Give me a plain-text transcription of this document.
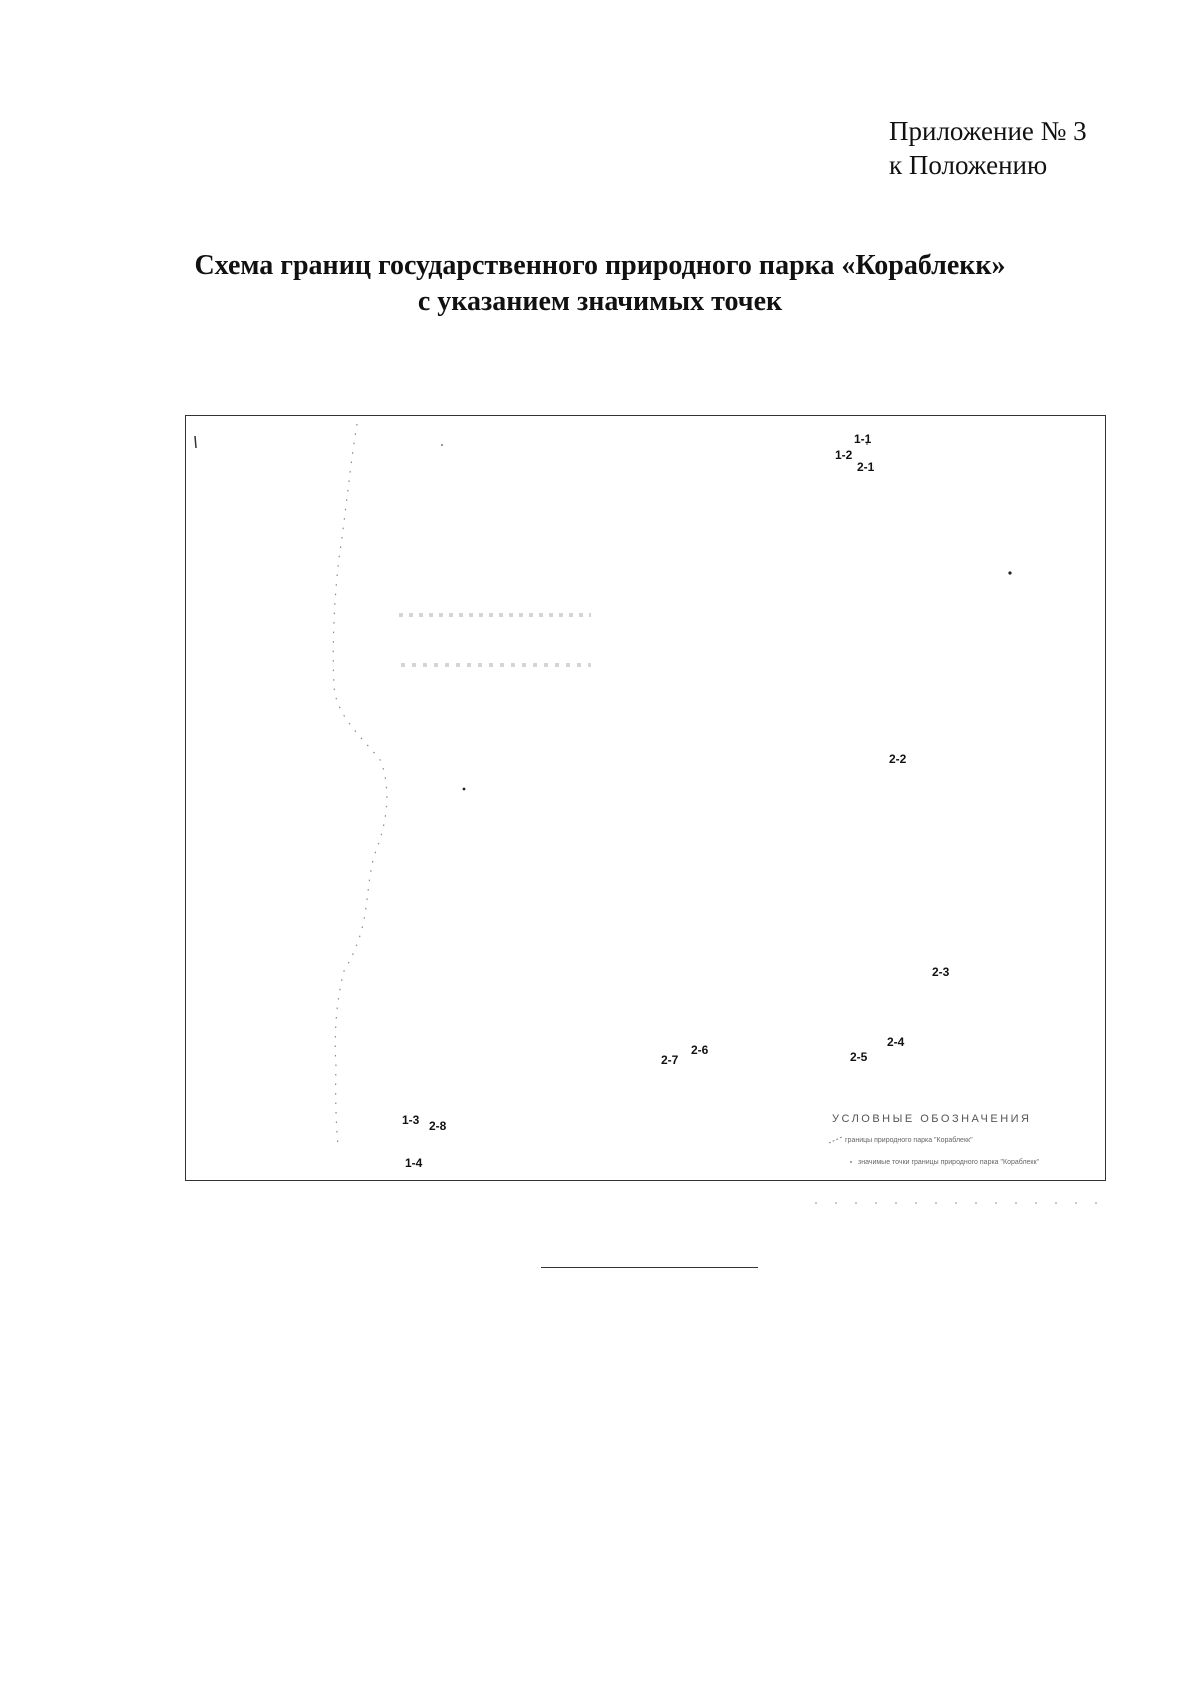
Приложение № 3
к Положению
Схема границ государственного природного парка «Кораблекк»
с указанием значимых точек
1-1
1-2
2-1
2-2
2-3
2-4
2-5
2-6
2-7
1-3 2-8
1-4
УСЛОВНЫЕ ОБОЗНАЧЕНИЯ
границы природного парка "Кораблекк"
значимые точки границы природного парка "Кораблекк"
